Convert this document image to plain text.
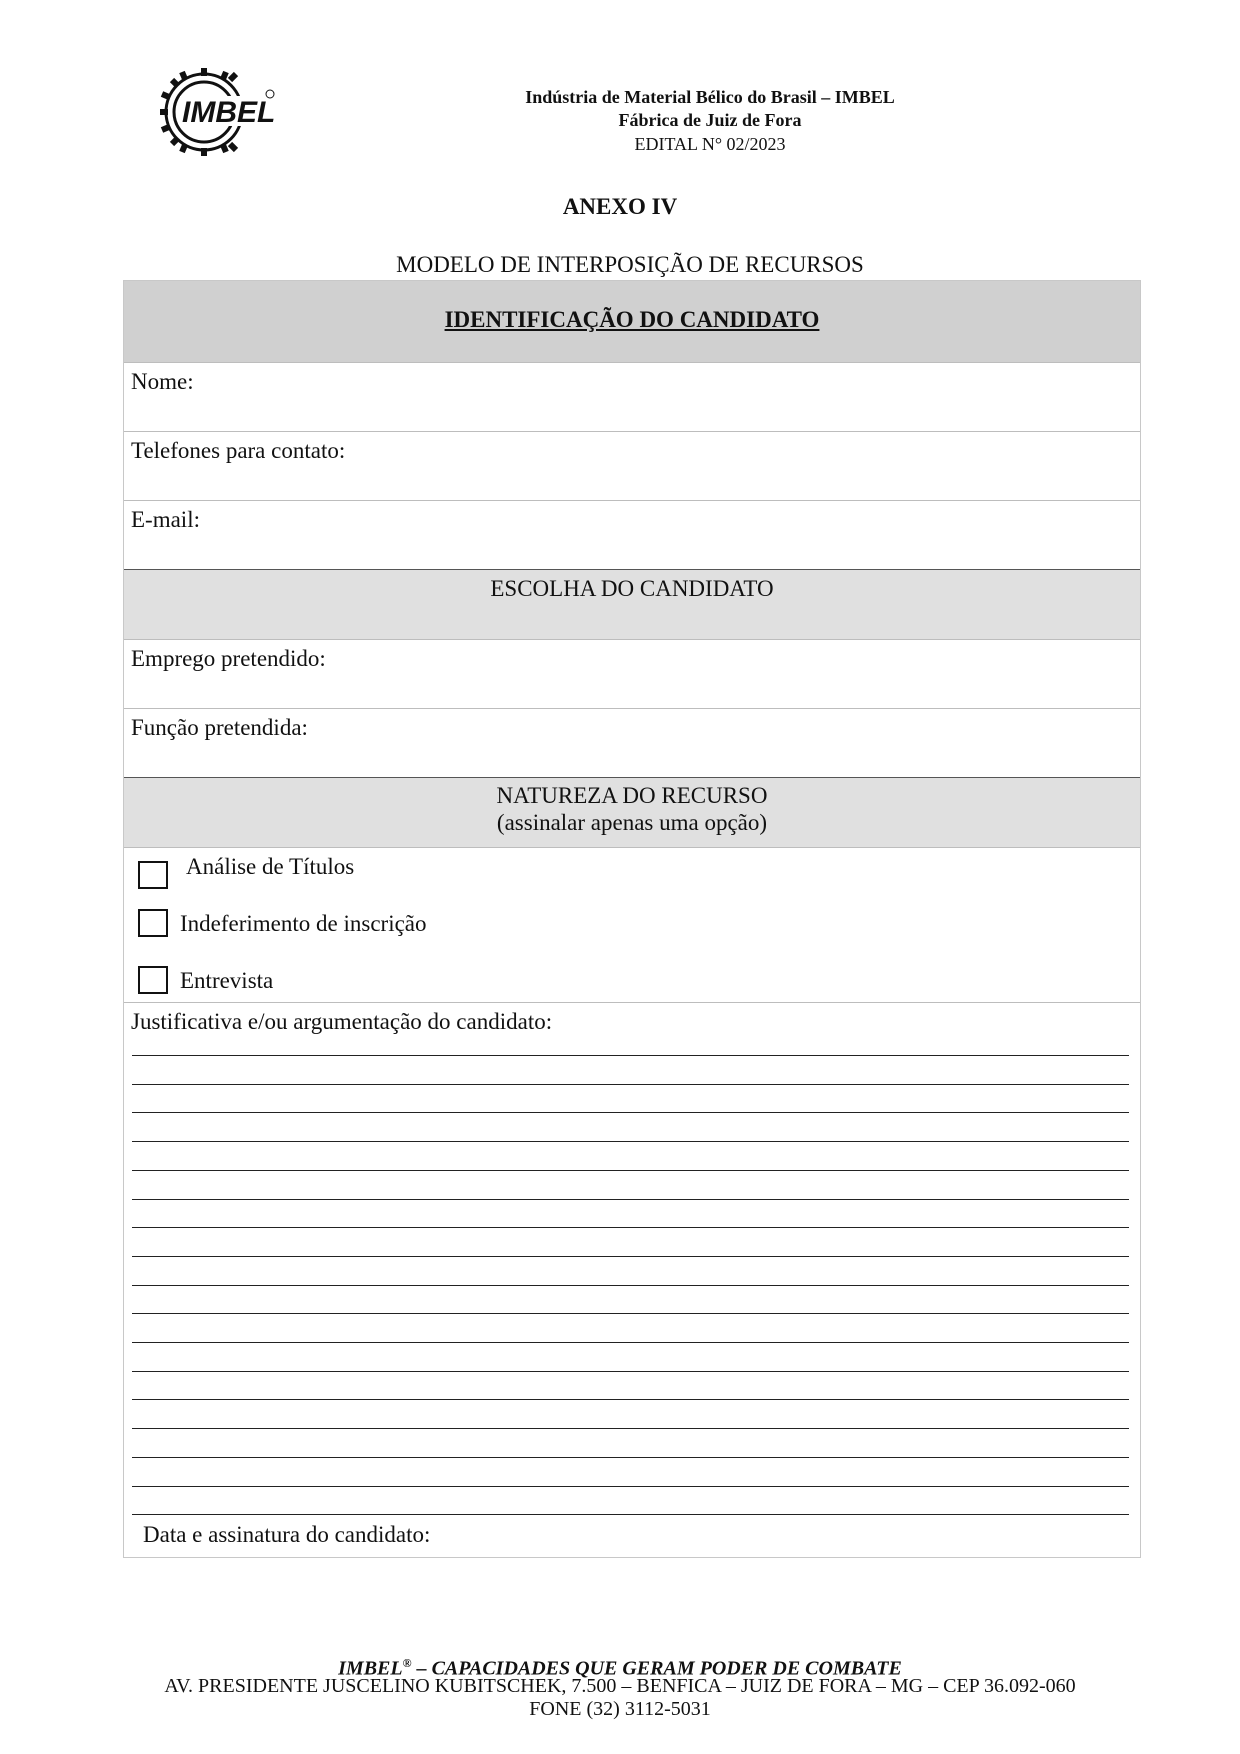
IMBEL	Indústria de Material Bélico do Brasil – IMBEL
Fábrica de Juiz de Fora
EDITAL N° 02/2023
ANEXO IV
MODELO DE INTERPOSIÇÃO DE RECURSOS
IDENTIFICAÇÃO DO CANDIDATO
Nome:
Telefones para contato:
E-mail:
ESCOLHA DO CANDIDATO
Emprego pretendido:
Função pretendida:
NATUREZA DO RECURSO
(assinalar apenas uma opção)
Análise de Títulos
Indeferimento de inscrição
Entrevista
Justificativa e/ou argumentação do candidato:
Data e assinatura do candidato:
IMBEL® – CAPACIDADES QUE GERAM PODER DE COMBATE
AV. PRESIDENTE JUSCELINO KUBITSCHEK, 7.500 – BENFICA – JUIZ DE FORA – MG – CEP 36.092-060
FONE (32) 3112-5031
